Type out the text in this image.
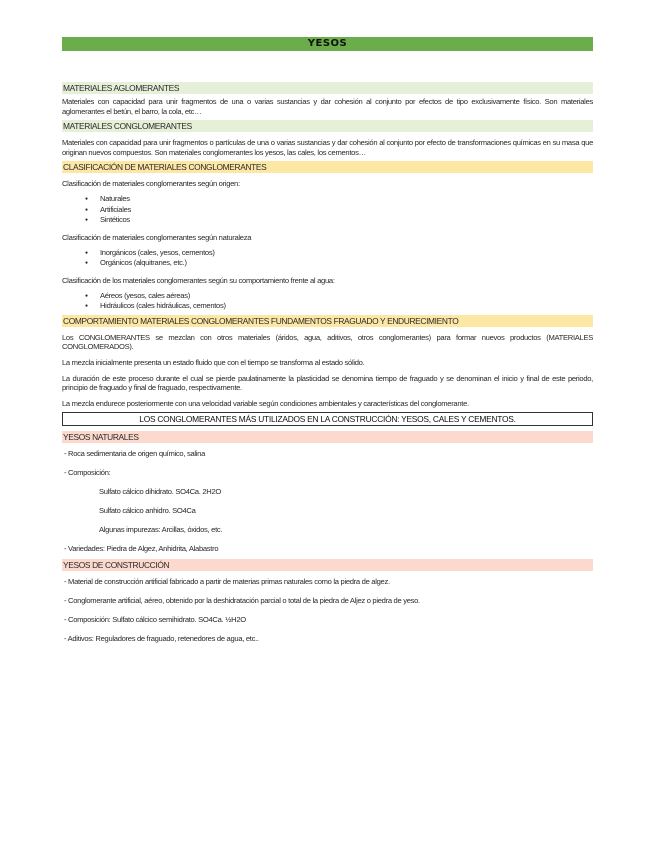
YESOS
MATERIALES AGLOMERANTES

Materiales con capacidad para unir fragmentos de una o varias sustancias y dar cohesión al conjunto por efectos de tipo exclusivamente físico. Son materiales aglomerantes el betún, el barro, la cola, etc…

MATERIALES CONGLOMERANTES

Materiales con capacidad para unir fragmentos o partículas de una o varias sustancias y dar cohesión al conjunto por efecto de transformaciones químicas en su masa que originan nuevos compuestos. Son materiales conglomerantes los yesos, las cales, los cementos…

CLASIFICACIÓN DE MATERIALES CONGLOMERANTES
Clasificación de materiales conglomerantes según origen:
● Naturales
● Artificiales
● Sintéticos
Clasificación de materiales conglomerantes según naturaleza
● Inorgánicos (cales, yesos, cementos)
● Orgánicos (alquitranes, etc.)
Clasificación de los materiales conglomerantes según su comportamiento frente al agua:
● Aéreos (yesos, cales aéreas)
● Hidráulicos (cales hidráulicas, cementos)
COMPORTAMIENTO MATERIALES CONGLOMERANTES FUNDAMENTOS FRAGUADO Y ENDURECIMIENTO

Los CONGLOMERANTES se mezclan con otros materiales (áridos, agua, aditivos, otros conglomerantes) para formar nuevos productos (MATERIALES CONGLOMERADOS).

La mezcla inicialmente presenta un estado fluido que con el tiempo se transforma al estado sólido.

La duración de este proceso durante el cual se pierde paulatinamente la plasticidad se denomina tiempo de fraguado y se denominan el inicio y final de este periodo, principio de fraguado y final de fraguado, respectivamente.

La mezcla endurece posteriormente con una velocidad variable según condiciones ambientales y características del conglomerante.

LOS CONGLOMERANTES MÁS UTILIZADOS EN LA CONSTRUCCIÓN: YESOS, CALES Y CEMENTOS.
YESOS NATURALES
- Roca sedimentaria de origen químico, salina
- Composición:
Sulfato cálcico dihidrato. SO4Ca. 2H2O
Sulfato cálcico anhidro. SO4Ca
Algunas impurezas: Arcillas, óxidos, etc.
- Variedades: Piedra de Algez, Anhidrita, Alabastro
YESOS DE CONSTRUCCIÓN
- Material de construcción artificial fabricado a partir de materias primas naturales como la piedra de algez.
- Conglomerante artificial, aéreo, obtenido por la deshidratación parcial o total de la piedra de Aljez o piedra de yeso.
- Composición: Sulfato cálcico semihidrato. SO4Ca. ½H2O
- Aditivos: Reguladores de fraguado, retenedores de agua, etc..
